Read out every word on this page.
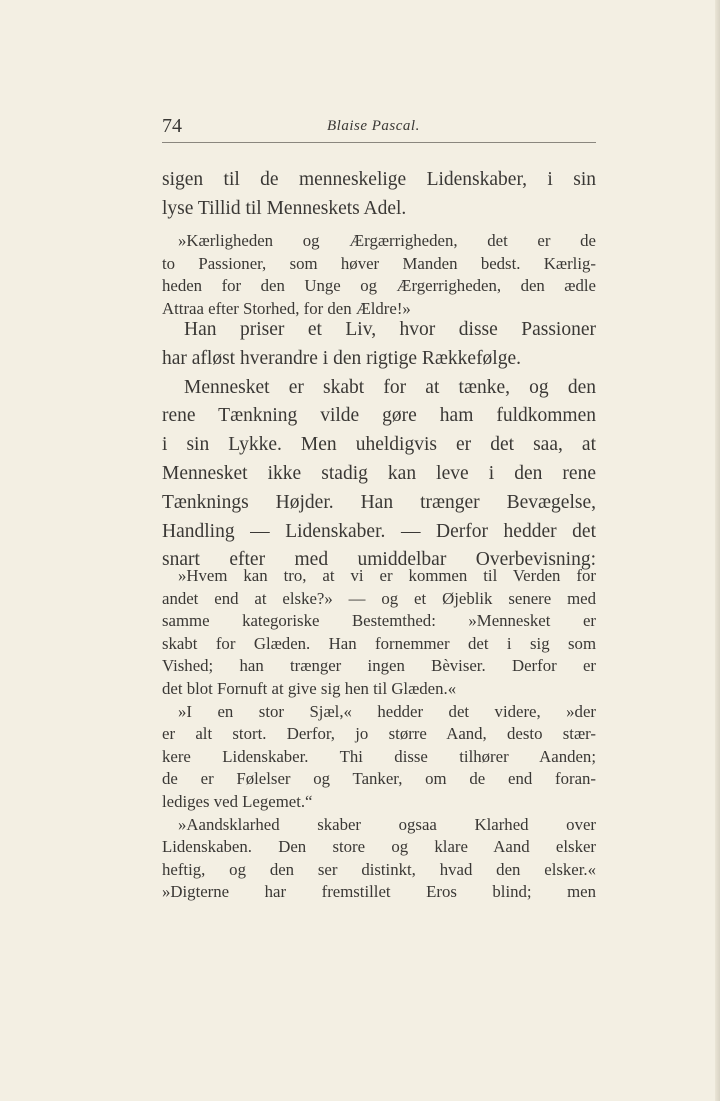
74	Blaise Pascal.
sigen til de menneskelige Lidenskaber, i sin
lyse Tillid til Menneskets Adel.
»Kærligheden og Ærgærrigheden, det er de
to Passioner, som høver Manden bedst. Kærlig-
heden for den Unge og Ærgerrigheden, den ædle
Attraa efter Storhed, for den Ældre!»
Han priser et Liv, hvor disse Passioner
har afløst hverandre i den rigtige Rækkefølge.
Mennesket er skabt for at tænke, og den
rene Tænkning vilde gøre ham fuldkommen
i sin Lykke. Men uheldigvis er det saa, at
Mennesket ikke stadig kan leve i den rene
Tænknings Højder. Han trænger Bevægelse,
Handling — Lidenskaber. — Derfor hedder det
snart efter med umiddelbar Overbevisning:
»Hvem kan tro, at vi er kommen til Verden for
andet end at elske?» — og et Øjeblik senere med
samme kategoriske Bestemthed: »Mennesket er
skabt for Glæden. Han fornemmer det i sig som
Vished; han trænger ingen Bèviser. Derfor er
det blot Fornuft at give sig hen til Glæden.«
»I en stor Sjæl,« hedder det videre, »der
er alt stort. Derfor, jo større Aand, desto stær-
kere Lidenskaber. Thi disse tilhører Aanden;
de er Følelser og Tanker, om de end foran-
lediges ved Legemet.“
»Aandsklarhed skaber ogsaa Klarhed over
Lidenskaben. Den store og klare Aand elsker
heftig, og den ser distinkt, hvad den elsker.«
»Digterne har fremstillet Eros blind; men
